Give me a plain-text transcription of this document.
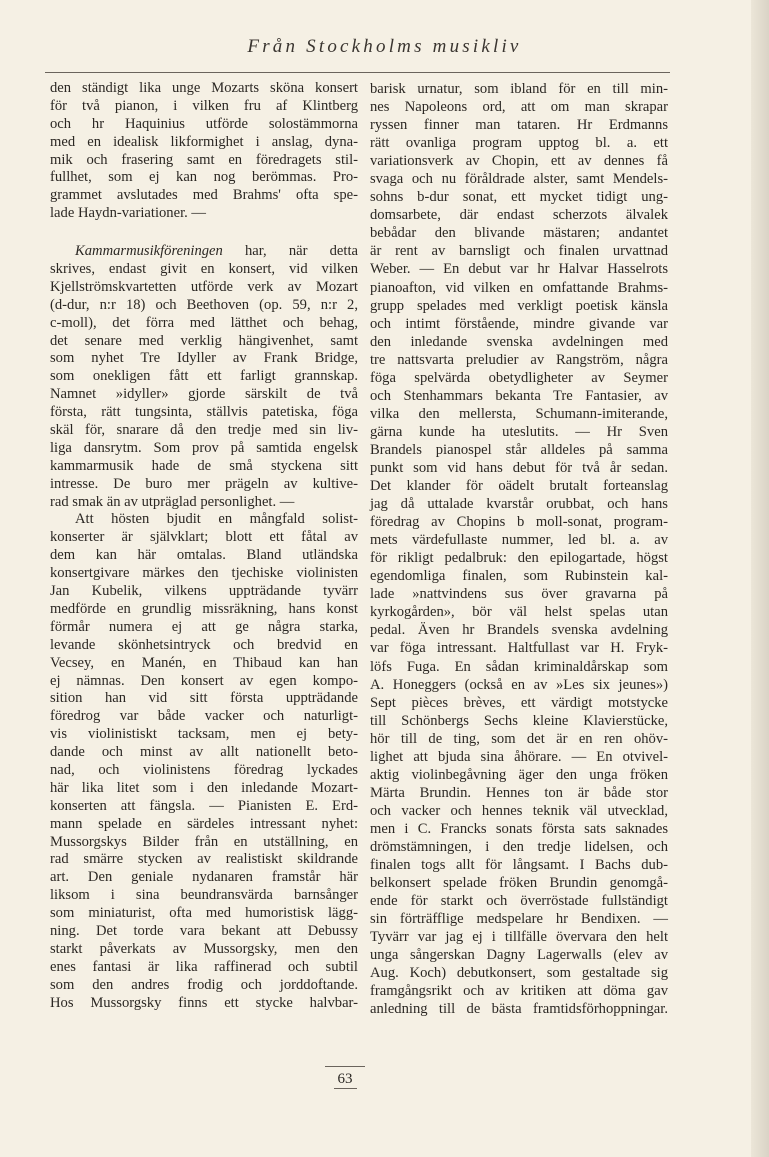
Från Stockholms musikliv
den ständigt lika unge Mozarts sköna konsert
för två pianon, i vilken fru af Klintberg
och hr Haquinius utförde solostämmorna
med en idealisk likformighet i anslag, dyna-
mik och frasering samt en föredragets stil-
fullhet, som ej kan nog berömmas. Pro-
grammet avslutades med Brahms' ofta spe-
lade Haydn-variationer. —
Kammarmusikföreningen har, när detta
skrives, endast givit en konsert, vid vilken
Kjellströmskvartetten utförde verk av Mozart
(d-dur, n:r 18) och Beethoven (op. 59, n:r 2,
c-moll), det förra med lätthet och behag,
det senare med verklig hängivenhet, samt
som nyhet Tre Idyller av Frank Bridge,
som onekligen fått ett farligt grannskap.
Namnet »idyller» gjorde särskilt de två
första, rätt tungsinta, ställvis patetiska, föga
skäl för, snarare då den tredje med sin liv-
liga dansrytm. Som prov på samtida engelsk
kammarmusik hade de små styckena sitt
intresse. De buro mer prägeln av kultive-
rad smak än av utpräglad personlighet. —
Att hösten bjudit en mångfald solist-
konserter är självklart; blott ett fåtal av
dem kan här omtalas. Bland utländska
konsertgivare märkes den tjechiske violinisten
Jan Kubelik, vilkens uppträdande tyvärr
medförde en grundlig missräkning, hans konst
förmår numera ej att ge några starka,
levande skönhetsintryck och bredvid en
Vecsey, en Manén, en Thibaud kan han
ej nämnas. Den konsert av egen kompo-
sition han vid sitt första uppträdande
föredrog var både vacker och naturligt-
vis violinistiskt tacksam, men ej bety-
dande och minst av allt nationellt beto-
nad, och violinistens föredrag lyckades
här lika litet som i den inledande Mozart-
konserten att fängsla. — Pianisten E. Erd-
mann spelade en särdeles intressant nyhet:
Mussorgskys Bilder från en utställning, en
rad smärre stycken av realistiskt skildrande
art. Den geniale nydanaren framstår här
liksom i sina beundransvärda barnsånger
som miniaturist, ofta med humoristisk lägg-
ning. Det torde vara bekant att Debussy
starkt påverkats av Mussorgsky, men den
enes fantasi är lika raffinerad och subtil
som den andres frodig och jorddoftande.
Hos Mussorgsky finns ett stycke halvbar-
barisk urnatur, som ibland för en till min-
nes Napoleons ord, att om man skrapar
ryssen finner man tataren. Hr Erdmanns
rätt ovanliga program upptog bl. a. ett
variationsverk av Chopin, ett av dennes få
svaga och nu föråldrade alster, samt Mendels-
sohns b-dur sonat, ett mycket tidigt ung-
domsarbete, där endast scherzots älvalek
bebådar den blivande mästaren; andantet
är rent av barnsligt och finalen urvattnad
Weber. — En debut var hr Halvar Hasselrots
pianoafton, vid vilken en omfattande Brahms-
grupp spelades med verkligt poetisk känsla
och intimt förstående, mindre givande var
den inledande svenska avdelningen med
tre nattsvarta preludier av Rangström, några
föga spelvärda obetydligheter av Seymer
och Stenhammars bekanta Tre Fantasier, av
vilka den mellersta, Schumann-imiterande,
gärna kunde ha uteslutits. — Hr Sven
Brandels pianospel står alldeles på samma
punkt som vid hans debut för två år sedan.
Det klander för oädelt brutalt forteanslag
jag då uttalade kvarstår orubbat, och hans
föredrag av Chopins b moll-sonat, program-
mets värdefullaste nummer, led bl. a. av
för rikligt pedalbruk: den epilogartade, högst
egendomliga finalen, som Rubinstein kal-
lade »nattvindens sus över gravarna på
kyrkogården», bör väl helst spelas utan
pedal. Även hr Brandels svenska avdelning
var föga intressant. Haltfullast var H. Fryk-
löfs Fuga. En sådan kriminaldårskap som
A. Honeggers (också en av »Les six jeunes»)
Sept pièces brèves, ett värdigt motstycke
till Schönbergs Sechs kleine Klavierstücke,
hör till de ting, som det är en ren ohöv-
lighet att bjuda sina åhörare. — En otvivel-
aktig violinbegåvning äger den unga fröken
Märta Brundin. Hennes ton är både stor
och vacker och hennes teknik väl utvecklad,
men i C. Francks sonats första sats saknades
drömstämningen, i den tredje lidelsen, och
finalen togs allt för långsamt. I Bachs dub-
belkonsert spelade fröken Brundin genomgå-
ende för starkt och överröstade fullständigt
sin förträfflige medspelare hr Bendixen. —
Tyvärr var jag ej i tillfälle övervara den helt
unga sångerskan Dagny Lagerwalls (elev av
Aug. Koch) debutkonsert, som gestaltade sig
framgångsrikt och av kritiken att döma gav
anledning till de bästa framtidsförhoppningar.
63
